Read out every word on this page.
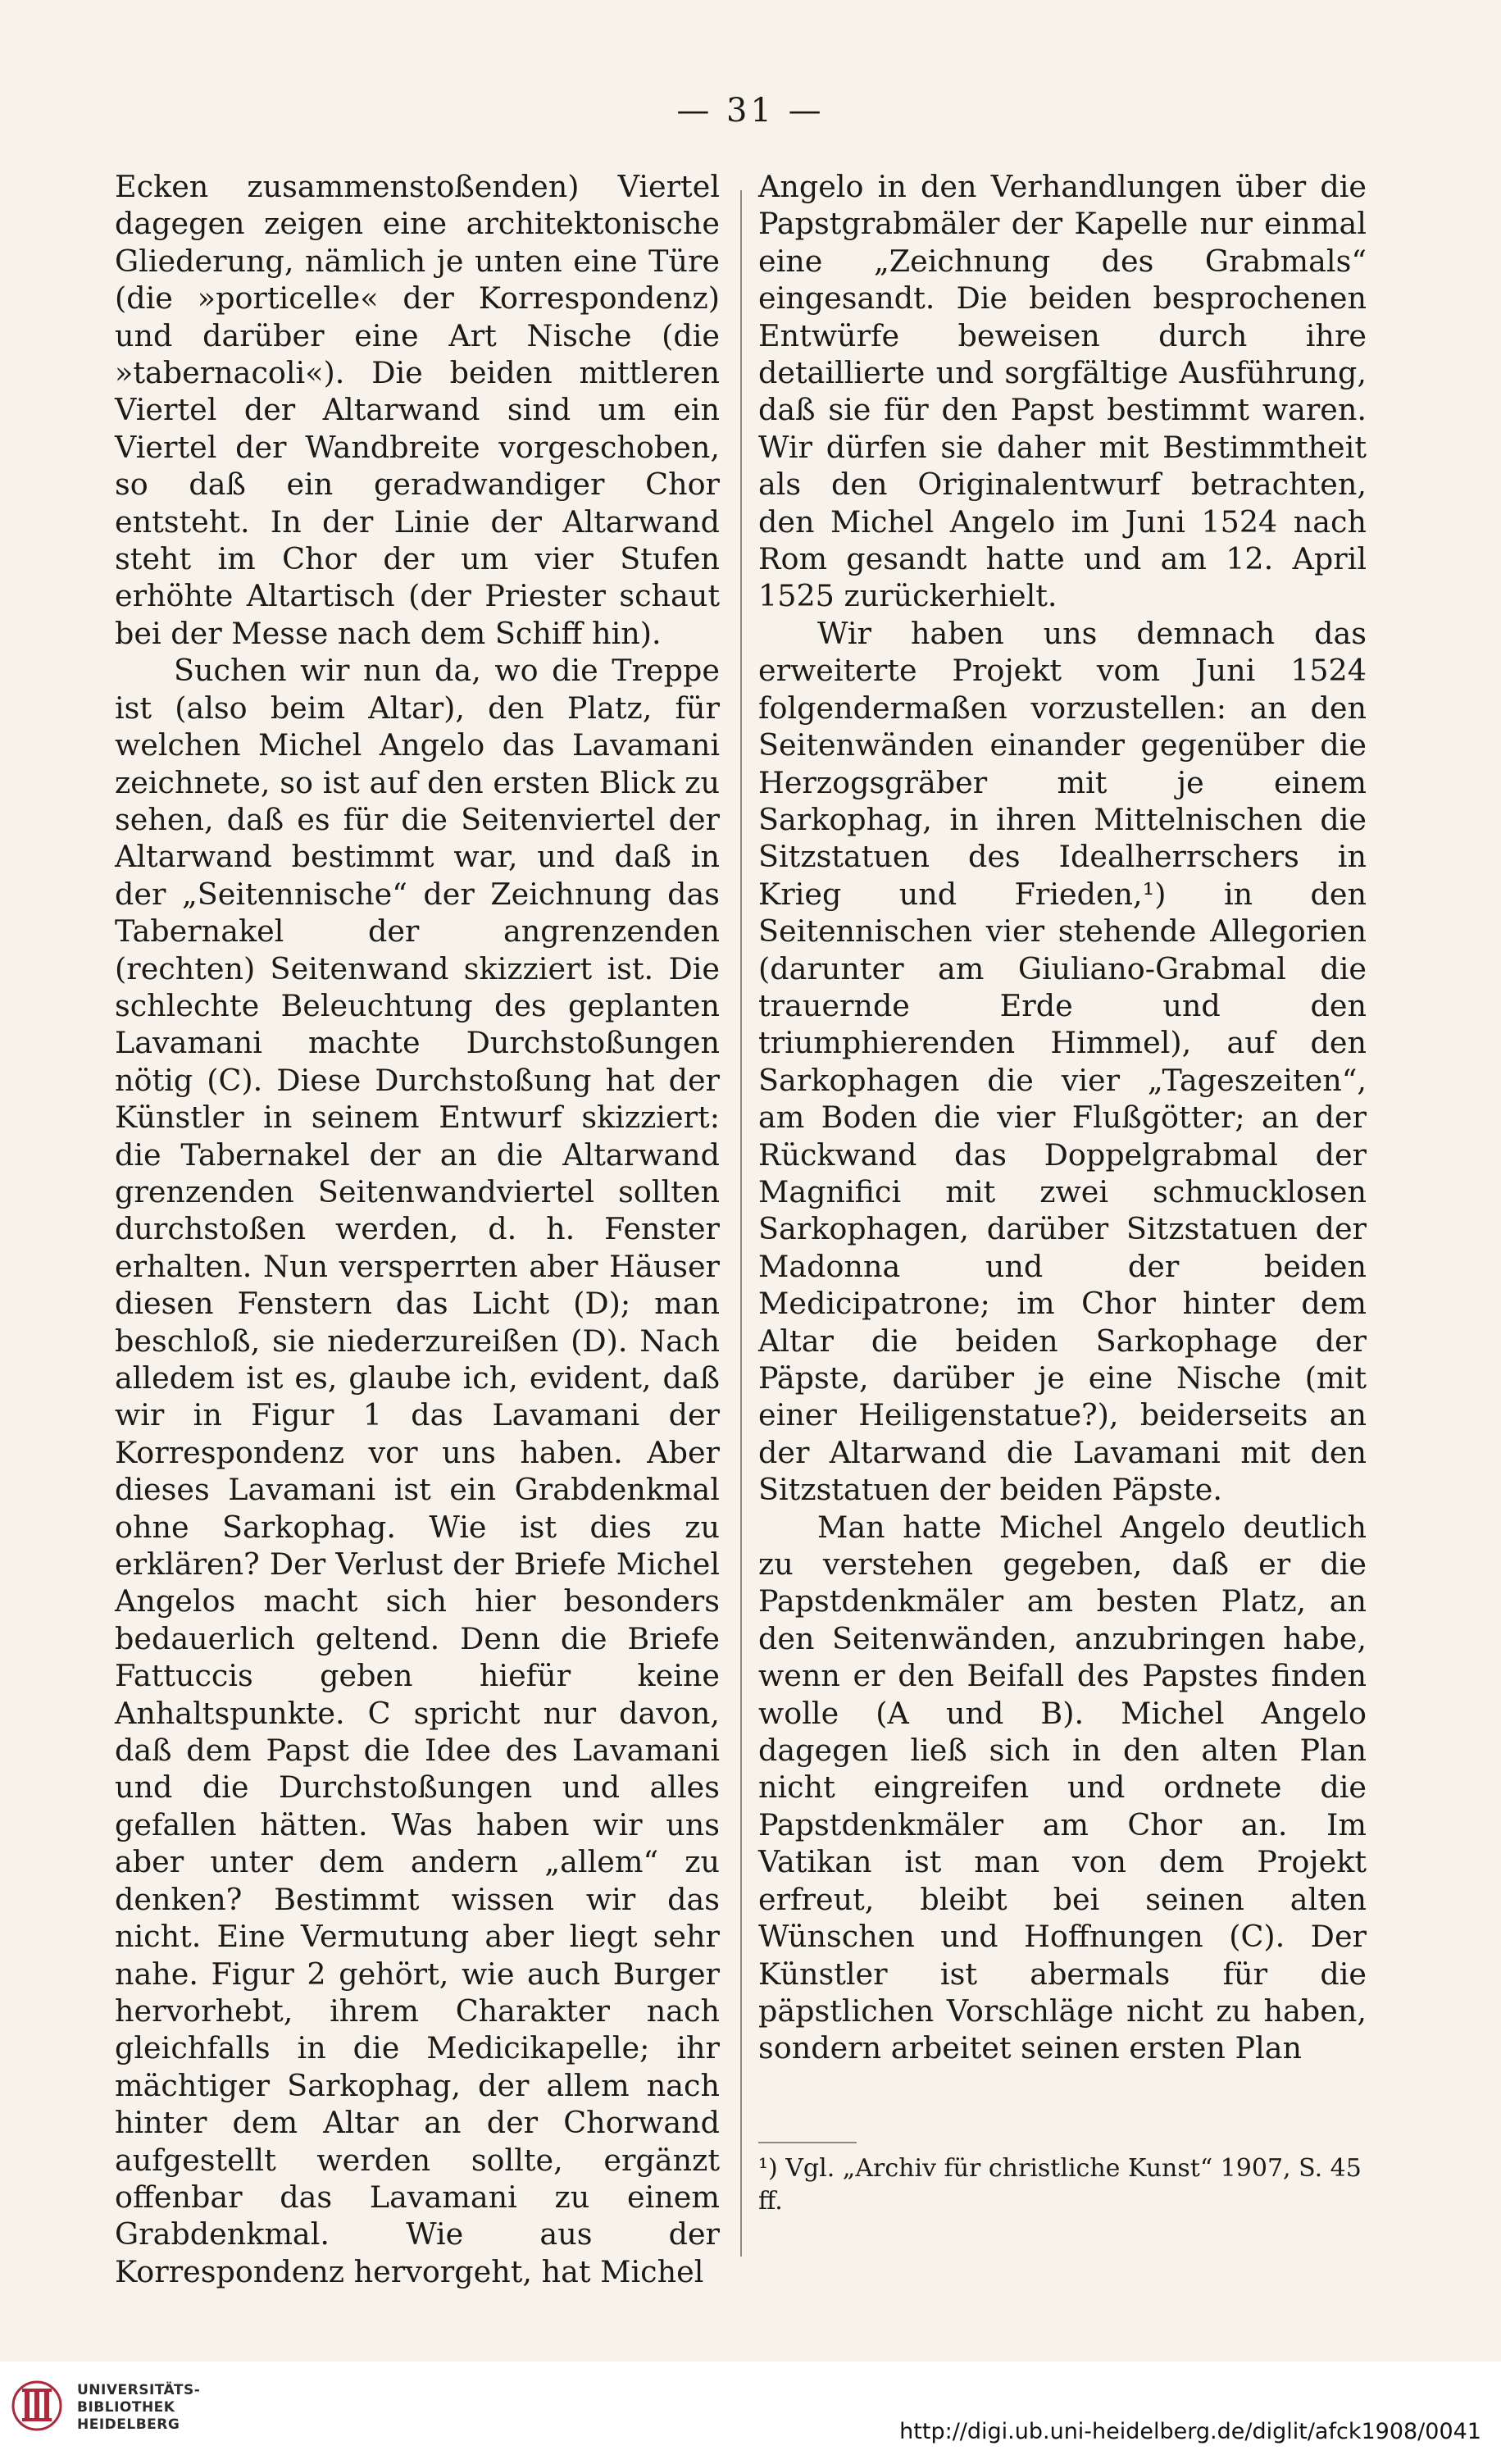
— 31 —

Ecken zusammenstoßenden) Viertel dagegen zeigen eine architektonische Gliederung, nämlich je unten eine Türe (die »porticelle« der Korrespondenz) und darüber eine Art Nische (die »tabernacoli«). Die beiden mittleren Viertel der Altarwand sind um ein Viertel der Wandbreite vorgeschoben, so daß ein geradwandiger Chor entsteht. In der Linie der Altarwand steht im Chor der um vier Stufen erhöhte Altartisch (der Priester schaut bei der Messe nach dem Schiff hin).

Suchen wir nun da, wo die Treppe ist (also beim Altar), den Platz, für welchen Michel Angelo das Lavamani zeichnete, so ist auf den ersten Blick zu sehen, daß es für die Seitenviertel der Altarwand bestimmt war, und daß in der „Seitennische“ der Zeichnung das Tabernakel der angrenzenden (rechten) Seitenwand skizziert ist. Die schlechte Beleuchtung des geplanten Lavamani machte Durchstoßungen nötig (C). Diese Durchstoßung hat der Künstler in seinem Entwurf skizziert: die Tabernakel der an die Altarwand grenzenden Seitenwandviertel sollten durchstoßen werden, d. h. Fenster erhalten. Nun versperrten aber Häuser diesen Fenstern das Licht (D); man beschloß, sie niederzureißen (D). Nach alledem ist es, glaube ich, evident, daß wir in Figur 1 das Lavamani der Korrespondenz vor uns haben. Aber dieses Lavamani ist ein Grabdenkmal ohne Sarkophag. Wie ist dies zu erklären? Der Verlust der Briefe Michel Angelos macht sich hier besonders bedauerlich geltend. Denn die Briefe Fattuccis geben hiefür keine Anhaltspunkte. C spricht nur davon, daß dem Papst die Idee des Lavamani und die Durchstoßungen und alles gefallen hätten. Was haben wir uns aber unter dem andern „allem“ zu denken? Bestimmt wissen wir das nicht. Eine Vermutung aber liegt sehr nahe. Figur 2 gehört, wie auch Burger hervorhebt, ihrem Charakter nach gleichfalls in die Medicikapelle; ihr mächtiger Sarkophag, der allem nach hinter dem Altar an der Chorwand aufgestellt werden sollte, ergänzt offenbar das Lavamani zu einem Grabdenkmal. Wie aus der Korrespondenz hervorgeht, hat Michel

Angelo in den Verhandlungen über die Papstgrabmäler der Kapelle nur einmal eine „Zeichnung des Grabmals“ eingesandt. Die beiden besprochenen Entwürfe beweisen durch ihre detaillierte und sorgfältige Ausführung, daß sie für den Papst bestimmt waren. Wir dürfen sie daher mit Bestimmtheit als den Originalentwurf betrachten, den Michel Angelo im Juni 1524 nach Rom gesandt hatte und am 12. April 1525 zurückerhielt.

Wir haben uns demnach das erweiterte Projekt vom Juni 1524 folgendermaßen vorzustellen: an den Seitenwänden einander gegenüber die Herzogsgräber mit je einem Sarkophag, in ihren Mittelnischen die Sitzstatuen des Idealherrschers in Krieg und Frieden,¹) in den Seitennischen vier stehende Allegorien (darunter am Giuliano-Grabmal die trauernde Erde und den triumphierenden Himmel), auf den Sarkophagen die vier „Tageszeiten“, am Boden die vier Flußgötter; an der Rückwand das Doppelgrabmal der Magnifici mit zwei schmucklosen Sarkophagen, darüber Sitzstatuen der Madonna und der beiden Medicipatrone; im Chor hinter dem Altar die beiden Sarkophage der Päpste, darüber je eine Nische (mit einer Heiligenstatue?), beiderseits an der Altarwand die Lavamani mit den Sitzstatuen der beiden Päpste.

Man hatte Michel Angelo deutlich zu verstehen gegeben, daß er die Papstdenkmäler am besten Platz, an den Seitenwänden, anzubringen habe, wenn er den Beifall des Papstes finden wolle (A und B). Michel Angelo dagegen ließ sich in den alten Plan nicht eingreifen und ordnete die Papstdenkmäler am Chor an. Im Vatikan ist man von dem Projekt erfreut, bleibt bei seinen alten Wünschen und Hoffnungen (C). Der Künstler ist abermals für die päpstlichen Vorschläge nicht zu haben, sondern arbeitet seinen ersten Plan

¹) Vgl. „Archiv für christliche Kunst“ 1907, S. 45 ff.
UNIVERSITÄTS-
BIBLIOTHEK
HEIDELBERG	http://digi.ub.uni-heidelberg.de/diglit/afck1908/0041
